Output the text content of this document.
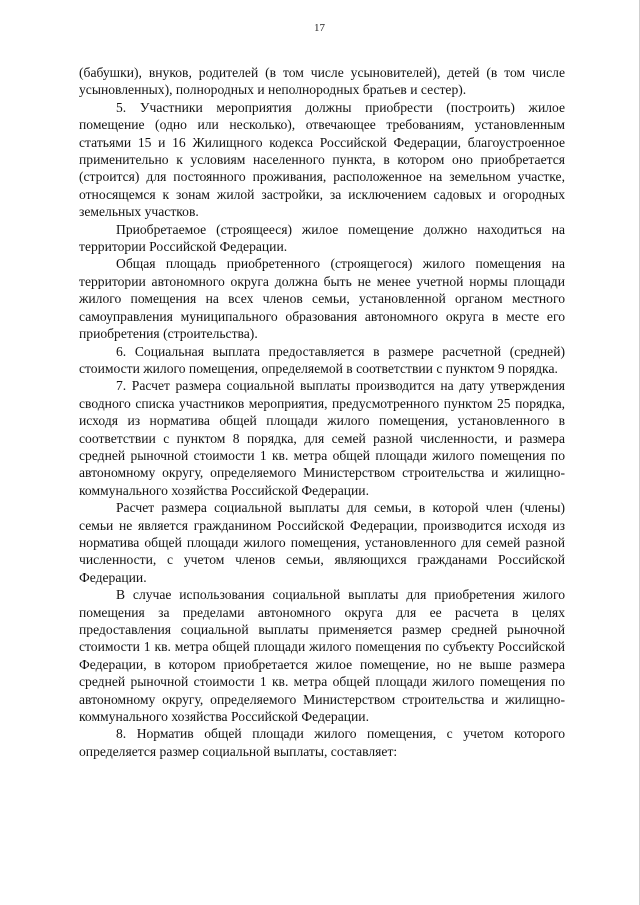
17

(бабушки), внуков, родителей (в том числе усыновителей), детей (в том числе усыновленных), полнородных и неполнородных братьев и сестер).

5. Участники мероприятия должны приобрести (построить) жилое помещение (одно или несколько), отвечающее требованиям, установленным статьями 15 и 16 Жилищного кодекса Российской Федерации, благоустроенное применительно к условиям населенного пункта, в котором оно приобретается (строится) для постоянного проживания, расположенное на земельном участке, относящемся к зонам жилой застройки, за исключением садовых и огородных земельных участков.

Приобретаемое (строящееся) жилое помещение должно находиться на территории Российской Федерации.

Общая площадь приобретенного (строящегося) жилого помещения на территории автономного округа должна быть не менее учетной нормы площади жилого помещения на всех членов семьи, установленной органом местного самоуправления муниципального образования автономного округа в месте его приобретения (строительства).

6. Социальная выплата предоставляется в размере расчетной (средней) стоимости жилого помещения, определяемой в соответствии с пунктом 9 порядка.

7. Расчет размера социальной выплаты производится на дату утверждения сводного списка участников мероприятия, предусмотренного пунктом 25 порядка, исходя из норматива общей площади жилого помещения, установленного в соответствии с пунктом 8 порядка, для семей разной численности, и размера средней рыночной стоимости 1 кв. метра общей площади жилого помещения по автономному округу, определяемого Министерством строительства и жилищно-коммунального хозяйства Российской Федерации.

Расчет размера социальной выплаты для семьи, в которой член (члены) семьи не является гражданином Российской Федерации, производится исходя из норматива общей площади жилого помещения, установленного для семей разной численности, с учетом членов семьи, являющихся гражданами Российской Федерации.

В случае использования социальной выплаты для приобретения жилого помещения за пределами автономного округа для ее расчета в целях предоставления социальной выплаты применяется размер средней рыночной стоимости 1 кв. метра общей площади жилого помещения по субъекту Российской Федерации, в котором приобретается жилое помещение, но не выше размера средней рыночной стоимости 1 кв. метра общей площади жилого помещения по автономному округу, определяемого Министерством строительства и жилищно-коммунального хозяйства Российской Федерации.

8. Норматив общей площади жилого помещения, с учетом которого определяется размер социальной выплаты, составляет:
